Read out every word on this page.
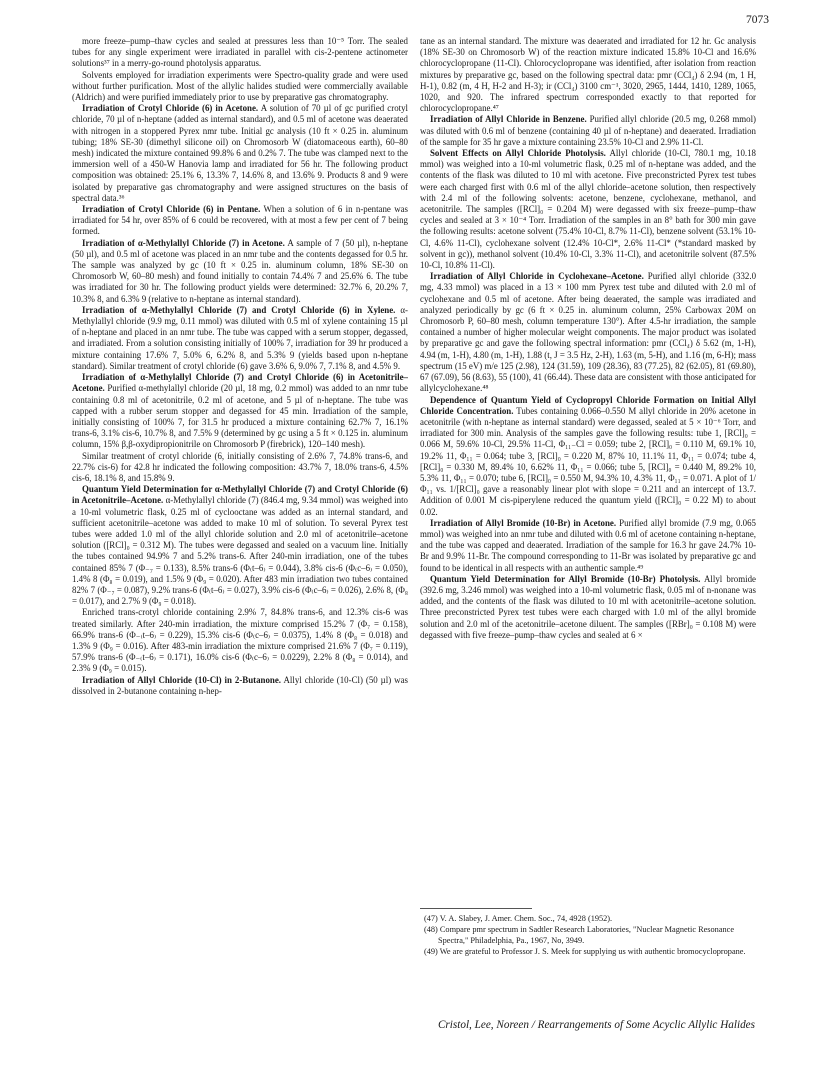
7073

more freeze–pump–thaw cycles and sealed at pressures less than 10⁻⁵ Torr. The sealed tubes for any single experiment were irradiated in parallel with cis-2-pentene actinometer solutions³⁷ in a merry-go-round photolysis apparatus.

Solvents employed for irradiation experiments were Spectro-quality grade and were used without further purification. Most of the allylic halides studied were commercially available (Aldrich) and were purified immediately prior to use by preparative gas chromatography.

Irradiation of Crotyl Chloride (6) in Acetone. A solution of 70 µl of gc purified crotyl chloride, 70 µl of n-heptane (added as internal standard), and 0.5 ml of acetone was deaerated with nitrogen in a stoppered Pyrex nmr tube. Initial gc analysis (10 ft × 0.25 in. aluminum tubing; 18% SE-30 (dimethyl silicone oil) on Chromosorb W (diatomaceous earth), 60–80 mesh) indicated the mixture contained 99.8% 6 and 0.2% 7. The tube was clamped next to the immersion well of a 450-W Hanovia lamp and irradiated for 56 hr. The following product composition was obtained: 25.1% 6, 13.3% 7, 14.6% 8, and 13.6% 9. Products 8 and 9 were isolated by preparative gas chromatography and were assigned structures on the basis of spectral data.³⁶

Irradiation of Crotyl Chloride (6) in Pentane. When a solution of 6 in n-pentane was irradiated for 54 hr, over 85% of 6 could be recovered, with at most a few per cent of 7 being formed.

Irradiation of α-Methylallyl Chloride (7) in Acetone. A sample of 7 (50 µl), n-heptane (50 µl), and 0.5 ml of acetone was placed in an nmr tube and the contents degassed for 0.5 hr. The sample was analyzed by gc (10 ft × 0.25 in. aluminum column, 18% SE-30 on Chromosorb W, 60–80 mesh) and found initially to contain 74.4% 7 and 25.6% 6. The tube was irradiated for 30 hr. The following product yields were determined: 32.7% 6, 20.2% 7, 10.3% 8, and 6.3% 9 (relative to n-heptane as internal standard).

Irradiation of α-Methylallyl Chloride (7) and Crotyl Chloride (6) in Xylene. α-Methylallyl chloride (9.9 mg, 0.11 mmol) was diluted with 0.5 ml of xylene containing 15 µl of n-heptane and placed in an nmr tube. The tube was capped with a serum stopper, degassed, and irradiated. From a solution consisting initially of 100% 7, irradiation for 39 hr produced a mixture containing 17.6% 7, 5.0% 6, 6.2% 8, and 5.3% 9 (yields based upon n-heptane standard). Similar treatment of crotyl chloride (6) gave 3.6% 6, 9.0% 7, 7.1% 8, and 4.5% 9.

Irradiation of α-Methylallyl Chloride (7) and Crotyl Chloride (6) in Acetonitrile–Acetone. Purified α-methylallyl chloride (20 µl, 18 mg, 0.2 mmol) was added to an nmr tube containing 0.8 ml of acetonitrile, 0.2 ml of acetone, and 5 µl of n-heptane. The tube was capped with a rubber serum stopper and degassed for 45 min. Irradiation of the sample, initially consisting of 100% 7, for 31.5 hr produced a mixture containing 62.7% 7, 16.1% trans-6, 3.1% cis-6, 10.7% 8, and 7.5% 9 (determined by gc using a 5 ft × 0.125 in. aluminum column, 15% β,β-oxydipropionitrile on Chromosorb P (firebrick), 120–140 mesh).

Similar treatment of crotyl chloride (6, initially consisting of 2.6% 7, 74.8% trans-6, and 22.7% cis-6) for 42.8 hr indicated the following composition: 43.7% 7, 18.0% trans-6, 4.5% cis-6, 18.1% 8, and 15.8% 9.

Quantum Yield Determination for α-Methylallyl Chloride (7) and Crotyl Chloride (6) in Acetonitrile–Acetone. α-Methylallyl chloride (7) (846.4 mg, 9.34 mmol) was weighed into a 10-ml volumetric flask, 0.25 ml of cyclooctane was added as an internal standard, and sufficient acetonitrile–acetone was added to make 10 ml of solution. To several Pyrex test tubes were added 1.0 ml of the allyl chloride solution and 2.0 ml of acetonitrile–acetone solution ([RCl]₀ = 0.312 M). The tubes were degassed and sealed on a vacuum line. Initially the tubes contained 94.9% 7 and 5.2% trans-6. After 240-min irradiation, one of the tubes contained 85% 7 (Φ₋₇ = 0.133), 8.5% trans-6 (Φ₍t–6₎ = 0.044), 3.8% cis-6 (Φ₍c–6₎ = 0.050), 1.4% 8 (Φ₈ = 0.019), and 1.5% 9 (Φ₉ = 0.020). After 483 min irradiation two tubes contained 82% 7 (Φ₋₇ = 0.087), 9.2% trans-6 (Φ₍t–6₎ = 0.027), 3.9% cis-6 (Φ₍c–6₎ = 0.026), 2.6% 8, (Φ₈ = 0.017), and 2.7% 9 (Φ₉ = 0.018).

Enriched trans-crotyl chloride containing 2.9% 7, 84.8% trans-6, and 12.3% cis-6 was treated similarly. After 240-min irradiation, the mixture comprised 15.2% 7 (Φ₇ = 0.158), 66.9% trans-6 (Φ₋₍t–6₎ = 0.229), 15.3% cis-6 (Φ₍c–6₎ = 0.0375), 1.4% 8 (Φ₈ = 0.018) and 1.3% 9 (Φ₉ = 0.016). After 483-min irradiation the mixture comprised 21.6% 7 (Φ₇ = 0.119), 57.9% trans-6 (Φ₋₍t–6₎ = 0.171), 16.0% cis-6 (Φ₍c–6₎ = 0.0229), 2.2% 8 (Φ₈ = 0.014), and 2.3% 9 (Φ₉ = 0.015).

Irradiation of Allyl Chloride (10-Cl) in 2-Butanone. Allyl chloride (10-Cl) (50 µl) was dissolved in 2-butanone containing n-hep-

tane as an internal standard. The mixture was deaerated and irradiated for 12 hr. Gc analysis (18% SE-30 on Chromosorb W) of the reaction mixture indicated 15.8% 10-Cl and 16.6% chlorocyclopropane (11-Cl). Chlorocyclopropane was identified, after isolation from reaction mixtures by preparative gc, based on the following spectral data: pmr (CCl₄) δ 2.94 (m, 1 H, H-1), 0.82 (m, 4 H, H-2 and H-3); ir (CCl₄) 3100 cm⁻¹, 3020, 2965, 1444, 1410, 1289, 1065, 1020, and 920. The infrared spectrum corresponded exactly to that reported for chlorocyclopropane.⁴⁷

Irradiation of Allyl Chloride in Benzene. Purified allyl chloride (20.5 mg, 0.268 mmol) was diluted with 0.6 ml of benzene (containing 40 µl of n-heptane) and deaerated. Irradiation of the sample for 35 hr gave a mixture containing 23.5% 10-Cl and 2.9% 11-Cl.

Solvent Effects on Allyl Chloride Photolysis. Allyl chloride (10-Cl, 780.1 mg, 10.18 mmol) was weighed into a 10-ml volumetric flask, 0.25 ml of n-heptane was added, and the contents of the flask was diluted to 10 ml with acetone. Five preconstricted Pyrex test tubes were each charged first with 0.6 ml of the allyl chloride–acetone solution, then respectively with 2.4 ml of the following solvents: acetone, benzene, cyclohexane, methanol, and acetonitrile. The samples ([RCl]₀ = 0.204 M) were degassed with six freeze–pump–thaw cycles and sealed at 3 × 10⁻⁴ Torr. Irradiation of the samples in an 8° bath for 300 min gave the following results: acetone solvent (75.4% 10-Cl, 8.7% 11-Cl), benzene solvent (53.1% 10-Cl, 4.6% 11-Cl), cyclohexane solvent (12.4% 10-Cl*, 2.6% 11-Cl* (*standard masked by solvent in gc)), methanol solvent (10.4% 10-Cl, 3.3% 11-Cl), and acetonitrile solvent (87.5% 10-Cl, 10.8% 11-Cl).

Irradiation of Allyl Chloride in Cyclohexane–Acetone. Purified allyl chloride (332.0 mg, 4.33 mmol) was placed in a 13 × 100 mm Pyrex test tube and diluted with 2.0 ml of cyclohexane and 0.5 ml of acetone. After being deaerated, the sample was irradiated and analyzed periodically by gc (6 ft × 0.25 in. aluminum column, 25% Carbowax 20M on Chromosorb P, 60–80 mesh, column temperature 130°). After 4.5-hr irradiation, the sample contained a number of higher molecular weight components. The major product was isolated by preparative gc and gave the following spectral information: pmr (CCl₄) δ 5.62 (m, 1-H), 4.94 (m, 1-H), 4.80 (m, 1-H), 1.88 (t, J = 3.5 Hz, 2-H), 1.63 (m, 5-H), and 1.16 (m, 6-H); mass spectrum (15 eV) m/e 125 (2.98), 124 (31.59), 109 (28.36), 83 (77.25), 82 (62.05), 81 (69.80), 67 (67.09), 56 (8.63), 55 (100), 41 (66.44). These data are consistent with those anticipated for allylcyclohexane.⁴⁸

Dependence of Quantum Yield of Cyclopropyl Chloride Formation on Initial Allyl Chloride Concentration. Tubes containing 0.066–0.550 M allyl chloride in 20% acetone in acetonitrile (with n-heptane as internal standard) were degassed, sealed at 5 × 10⁻⁶ Torr, and irradiated for 300 min. Analysis of the samples gave the following results: tube 1, [RCl]₀ = 0.066 M, 59.6% 10-Cl, 29.5% 11-Cl, Φ₁₁₋Cl = 0.059; tube 2, [RCl]₀ = 0.110 M, 69.1% 10, 19.2% 11, Φ₁₁ = 0.064; tube 3, [RCl]₀ = 0.220 M, 87% 10, 11.1% 11, Φ₁₁ = 0.074; tube 4, [RCl]₀ = 0.330 M, 89.4% 10, 6.62% 11, Φ₁₁ = 0.066; tube 5, [RCl]₀ = 0.440 M, 89.2% 10, 5.3% 11, Φ₁₁ = 0.070; tube 6, [RCl]₀ = 0.550 M, 94.3% 10, 4.3% 11, Φ₁₁ = 0.071. A plot of 1/Φ₁₁ vs. 1/[RCl]₀ gave a reasonably linear plot with slope = 0.211 and an intercept of 13.7. Addition of 0.001 M cis-piperylene reduced the quantum yield ([RCl]₀ = 0.22 M) to about 0.02.

Irradiation of Allyl Bromide (10-Br) in Acetone. Purified allyl bromide (7.9 mg, 0.065 mmol) was weighed into an nmr tube and diluted with 0.6 ml of acetone containing n-heptane, and the tube was capped and deaerated. Irradiation of the sample for 16.3 hr gave 24.7% 10-Br and 9.9% 11-Br. The compound corresponding to 11-Br was isolated by preparative gc and found to be identical in all respects with an authentic sample.⁴⁹

Quantum Yield Determination for Allyl Bromide (10-Br) Photolysis. Allyl bromide (392.6 mg, 3.246 mmol) was weighed into a 10-ml volumetric flask, 0.05 ml of n-nonane was added, and the contents of the flask was diluted to 10 ml with acetonitrile–acetone solution. Three preconstricted Pyrex test tubes were each charged with 1.0 ml of the allyl bromide solution and 2.0 ml of the acetonitrile–acetone diluent. The samples ([RBr]₀ = 0.108 M) were degassed with five freeze–pump–thaw cycles and sealed at 6 ×

(47) V. A. Slabey, J. Amer. Chem. Soc., 74, 4928 (1952).

(48) Compare pmr spectrum in Sadtler Research Laboratories, "Nuclear Magnetic Resonance Spectra," Philadelphia, Pa., 1967, No, 3949.

(49) We are grateful to Professor J. S. Meek for supplying us with authentic bromocyclopropane.

Cristol, Lee, Noreen / Rearrangements of Some Acyclic Allylic Halides
